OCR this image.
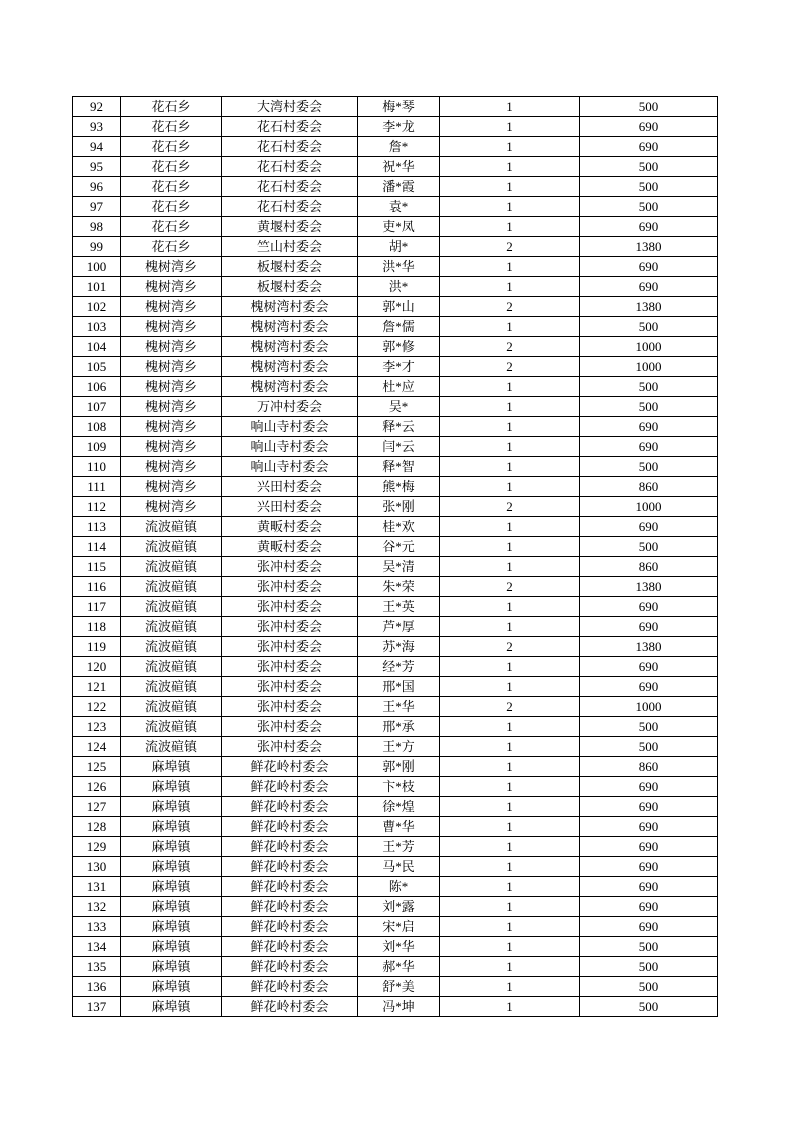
92	花石乡	大湾村委会	梅*琴	1	500
93	花石乡	花石村委会	李*龙	1	690
94	花石乡	花石村委会	詹*	1	690
95	花石乡	花石村委会	祝*华	1	500
96	花石乡	花石村委会	潘*霞	1	500
97	花石乡	花石村委会	袁*	1	500
98	花石乡	黄堰村委会	吏*凤	1	690
99	花石乡	竺山村委会	胡*	2	1380
100	槐树湾乡	板堰村委会	洪*华	1	690
101	槐树湾乡	板堰村委会	洪*	1	690
102	槐树湾乡	槐树湾村委会	郭*山	2	1380
103	槐树湾乡	槐树湾村委会	詹*儒	1	500
104	槐树湾乡	槐树湾村委会	郭*修	2	1000
105	槐树湾乡	槐树湾村委会	李*才	2	1000
106	槐树湾乡	槐树湾村委会	杜*应	1	500
107	槐树湾乡	万冲村委会	吴*	1	500
108	槐树湾乡	响山寺村委会	释*云	1	690
109	槐树湾乡	响山寺村委会	闫*云	1	690
110	槐树湾乡	响山寺村委会	释*智	1	500
111	槐树湾乡	兴田村委会	熊*梅	1	860
112	槐树湾乡	兴田村委会	张*刚	2	1000
113	流波碹镇	黄畈村委会	桂*欢	1	690
114	流波碹镇	黄畈村委会	谷*元	1	500
115	流波碹镇	张冲村委会	吴*清	1	860
116	流波碹镇	张冲村委会	朱*荣	2	1380
117	流波碹镇	张冲村委会	王*英	1	690
118	流波碹镇	张冲村委会	芦*厚	1	690
119	流波碹镇	张冲村委会	苏*海	2	1380
120	流波碹镇	张冲村委会	经*芳	1	690
121	流波碹镇	张冲村委会	邢*国	1	690
122	流波碹镇	张冲村委会	王*华	2	1000
123	流波碹镇	张冲村委会	邢*承	1	500
124	流波碹镇	张冲村委会	王*方	1	500
125	麻埠镇	鲜花岭村委会	郭*刚	1	860
126	麻埠镇	鲜花岭村委会	卞*枝	1	690
127	麻埠镇	鲜花岭村委会	徐*煌	1	690
128	麻埠镇	鲜花岭村委会	曹*华	1	690
129	麻埠镇	鲜花岭村委会	王*芳	1	690
130	麻埠镇	鲜花岭村委会	马*民	1	690
131	麻埠镇	鲜花岭村委会	陈*	1	690
132	麻埠镇	鲜花岭村委会	刘*露	1	690
133	麻埠镇	鲜花岭村委会	宋*启	1	690
134	麻埠镇	鲜花岭村委会	刘*华	1	500
135	麻埠镇	鲜花岭村委会	郝*华	1	500
136	麻埠镇	鲜花岭村委会	舒*美	1	500
137	麻埠镇	鲜花岭村委会	冯*坤	1	500
